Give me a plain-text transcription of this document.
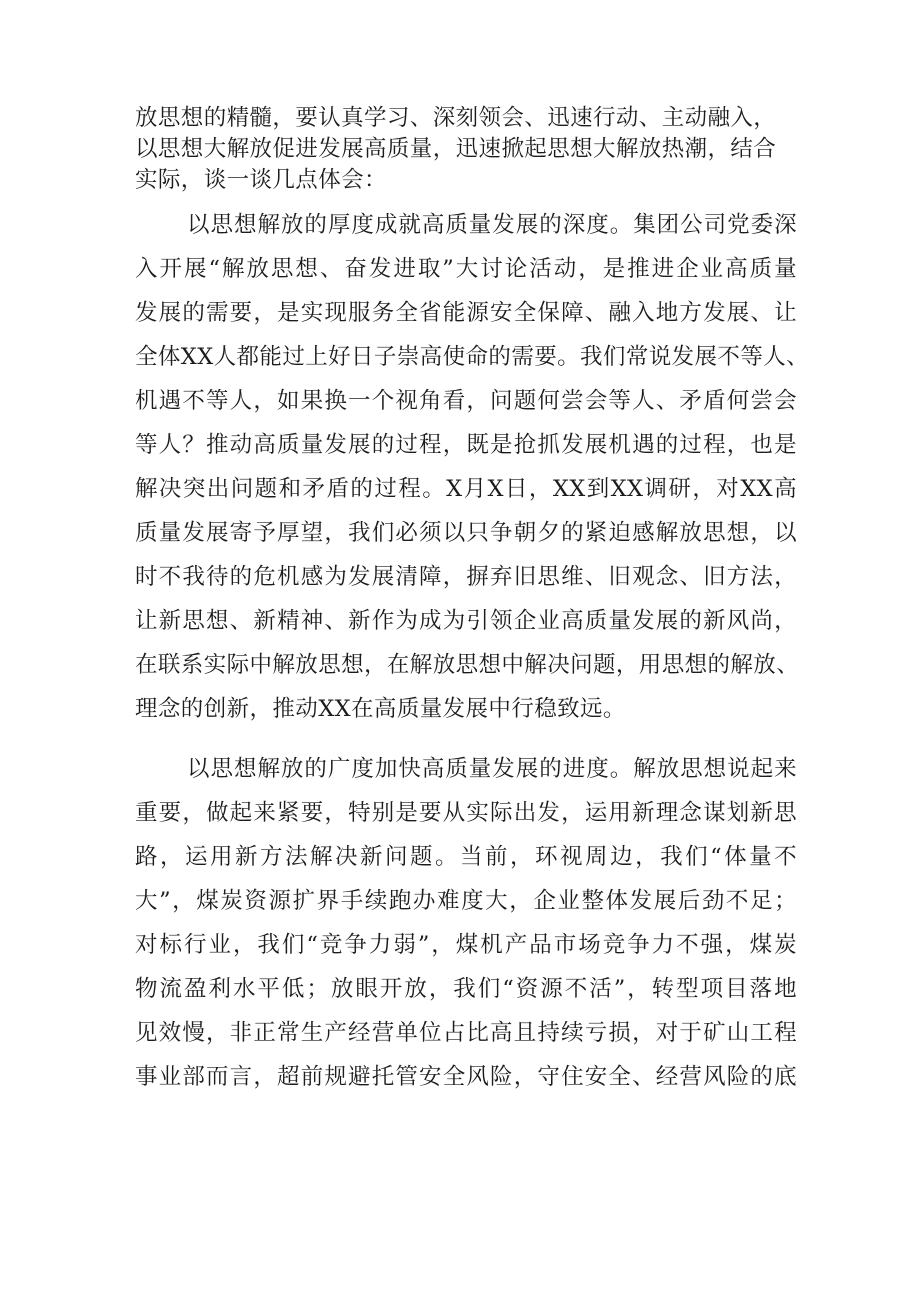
放思想的精髓，要认真学习、深刻领会、迅速行动、主动融入，
以思想大解放促进发展高质量，迅速掀起思想大解放热潮，结合
实际，谈一谈几点体会：
以思想解放的厚度成就高质量发展的深度。集团公司党委深
入开展“解放思想、奋发进取”大讨论活动，是推进企业高质量
发展的需要，是实现服务全省能源安全保障、融入地方发展、让
全体XX人都能过上好日子崇高使命的需要。我们常说发展不等人、
机遇不等人，如果换一个视角看，问题何尝会等人、矛盾何尝会
等人？推动高质量发展的过程，既是抢抓发展机遇的过程，也是
解决突出问题和矛盾的过程。X月X日，XX到XX调研，对XX高
质量发展寄予厚望，我们必须以只争朝夕的紧迫感解放思想，以
时不我待的危机感为发展清障，摒弃旧思维、旧观念、旧方法，
让新思想、新精神、新作为成为引领企业高质量发展的新风尚，
在联系实际中解放思想，在解放思想中解决问题，用思想的解放、
理念的创新，推动XX在高质量发展中行稳致远。
以思想解放的广度加快高质量发展的进度。解放思想说起来
重要，做起来紧要，特别是要从实际出发，运用新理念谋划新思
路，运用新方法解决新问题。当前，环视周边，我们“体量不
大”，煤炭资源扩界手续跑办难度大，企业整体发展后劲不足；
对标行业，我们“竞争力弱”，煤机产品市场竞争力不强，煤炭
物流盈利水平低；放眼开放，我们“资源不活”，转型项目落地
见效慢，非正常生产经营单位占比高且持续亏损，对于矿山工程
事业部而言，超前规避托管安全风险，守住安全、经营风险的底
